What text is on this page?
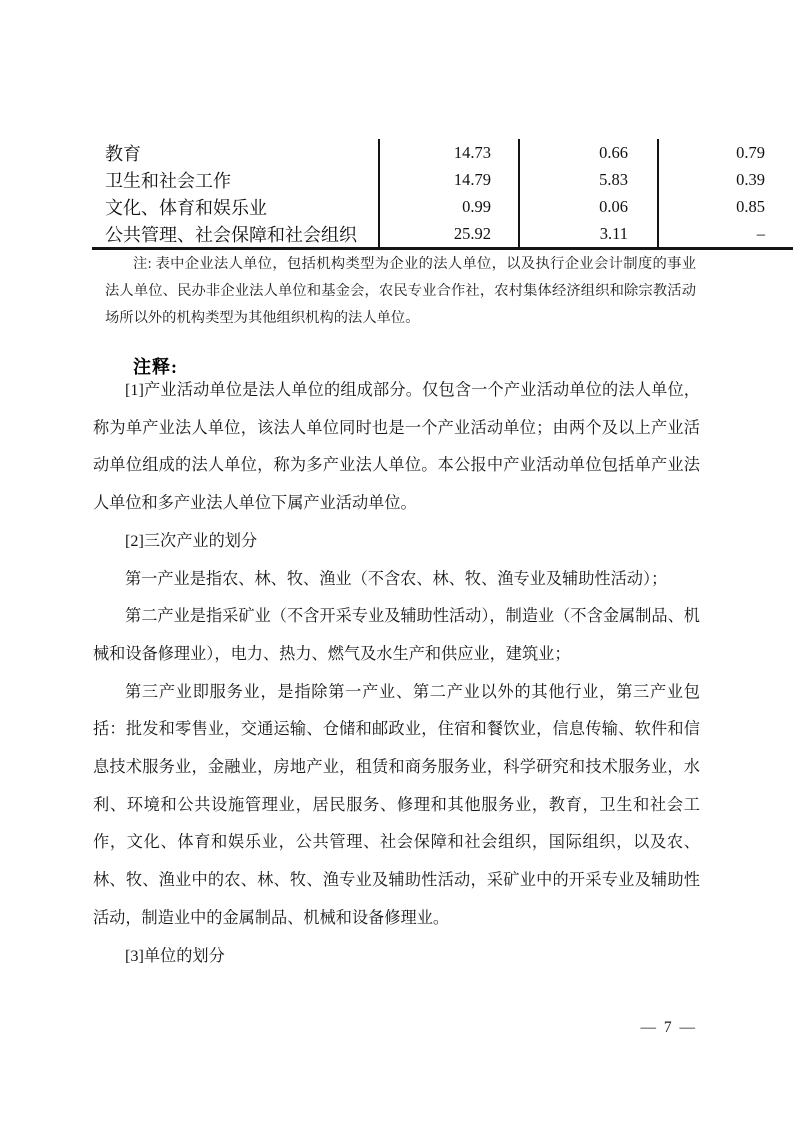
教育	14.73	0.66	0.79
卫生和社会工作	14.79	5.83	0.39
文化、体育和娱乐业	0.99	0.06	0.85
公共管理、社会保障和社会组织	25.92	3.11	–

注: 表中企业法人单位，包括机构类型为企业的法人单位，以及执行企业会计制度的事业法人单位、民办非企业法人单位和基金会，农民专业合作社，农村集体经济组织和除宗教活动场所以外的机构类型为其他组织机构的法人单位。

注释:

[1]产业活动单位是法人单位的组成部分。仅包含一个产业活动单位的法人单位，称为单产业法人单位，该法人单位同时也是一个产业活动单位；由两个及以上产业活动单位组成的法人单位，称为多产业法人单位。本公报中产业活动单位包括单产业法人单位和多产业法人单位下属产业活动单位。

[2]三次产业的划分

第一产业是指农、林、牧、渔业（不含农、林、牧、渔专业及辅助性活动）；

第二产业是指采矿业（不含开采专业及辅助性活动），制造业（不含金属制品、机械和设备修理业），电力、热力、燃气及水生产和供应业，建筑业；

第三产业即服务业，是指除第一产业、第二产业以外的其他行业，第三产业包括：批发和零售业，交通运输、仓储和邮政业，住宿和餐饮业，信息传输、软件和信息技术服务业，金融业，房地产业，租赁和商务服务业，科学研究和技术服务业，水利、环境和公共设施管理业，居民服务、修理和其他服务业，教育，卫生和社会工作，文化、体育和娱乐业，公共管理、社会保障和社会组织，国际组织，以及农、林、牧、渔业中的农、林、牧、渔专业及辅助性活动，采矿业中的开采专业及辅助性活动，制造业中的金属制品、机械和设备修理业。

[3]单位的划分

— 7 —
